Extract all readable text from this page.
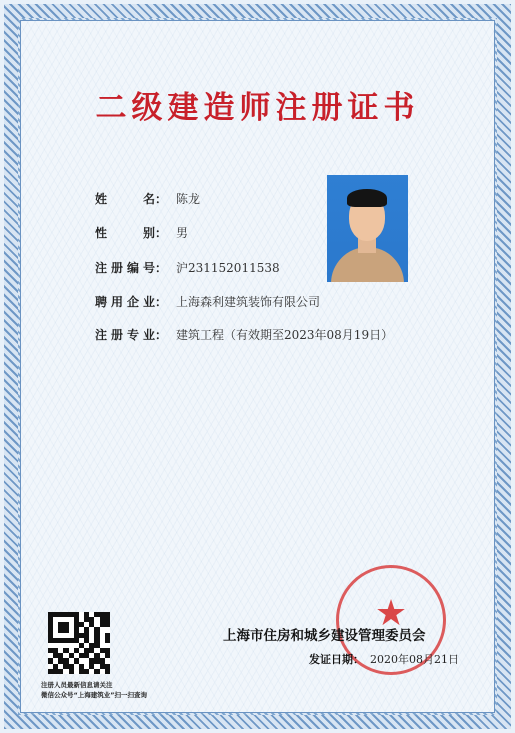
二级建造师注册证书
姓	名： 陈龙
性	别： 男
注 册 编 号： 沪231152011538
聘 用 企 业： 上海森利建筑装饰有限公司
注 册 专 业： 建筑工程（有效期至2023年08月19日）
★
上海市住房和城乡建设管理委员会
发证日期： 2020年08月21日
注册人员最新信息请关注
微信公众号“上海建筑业”扫一扫查询
